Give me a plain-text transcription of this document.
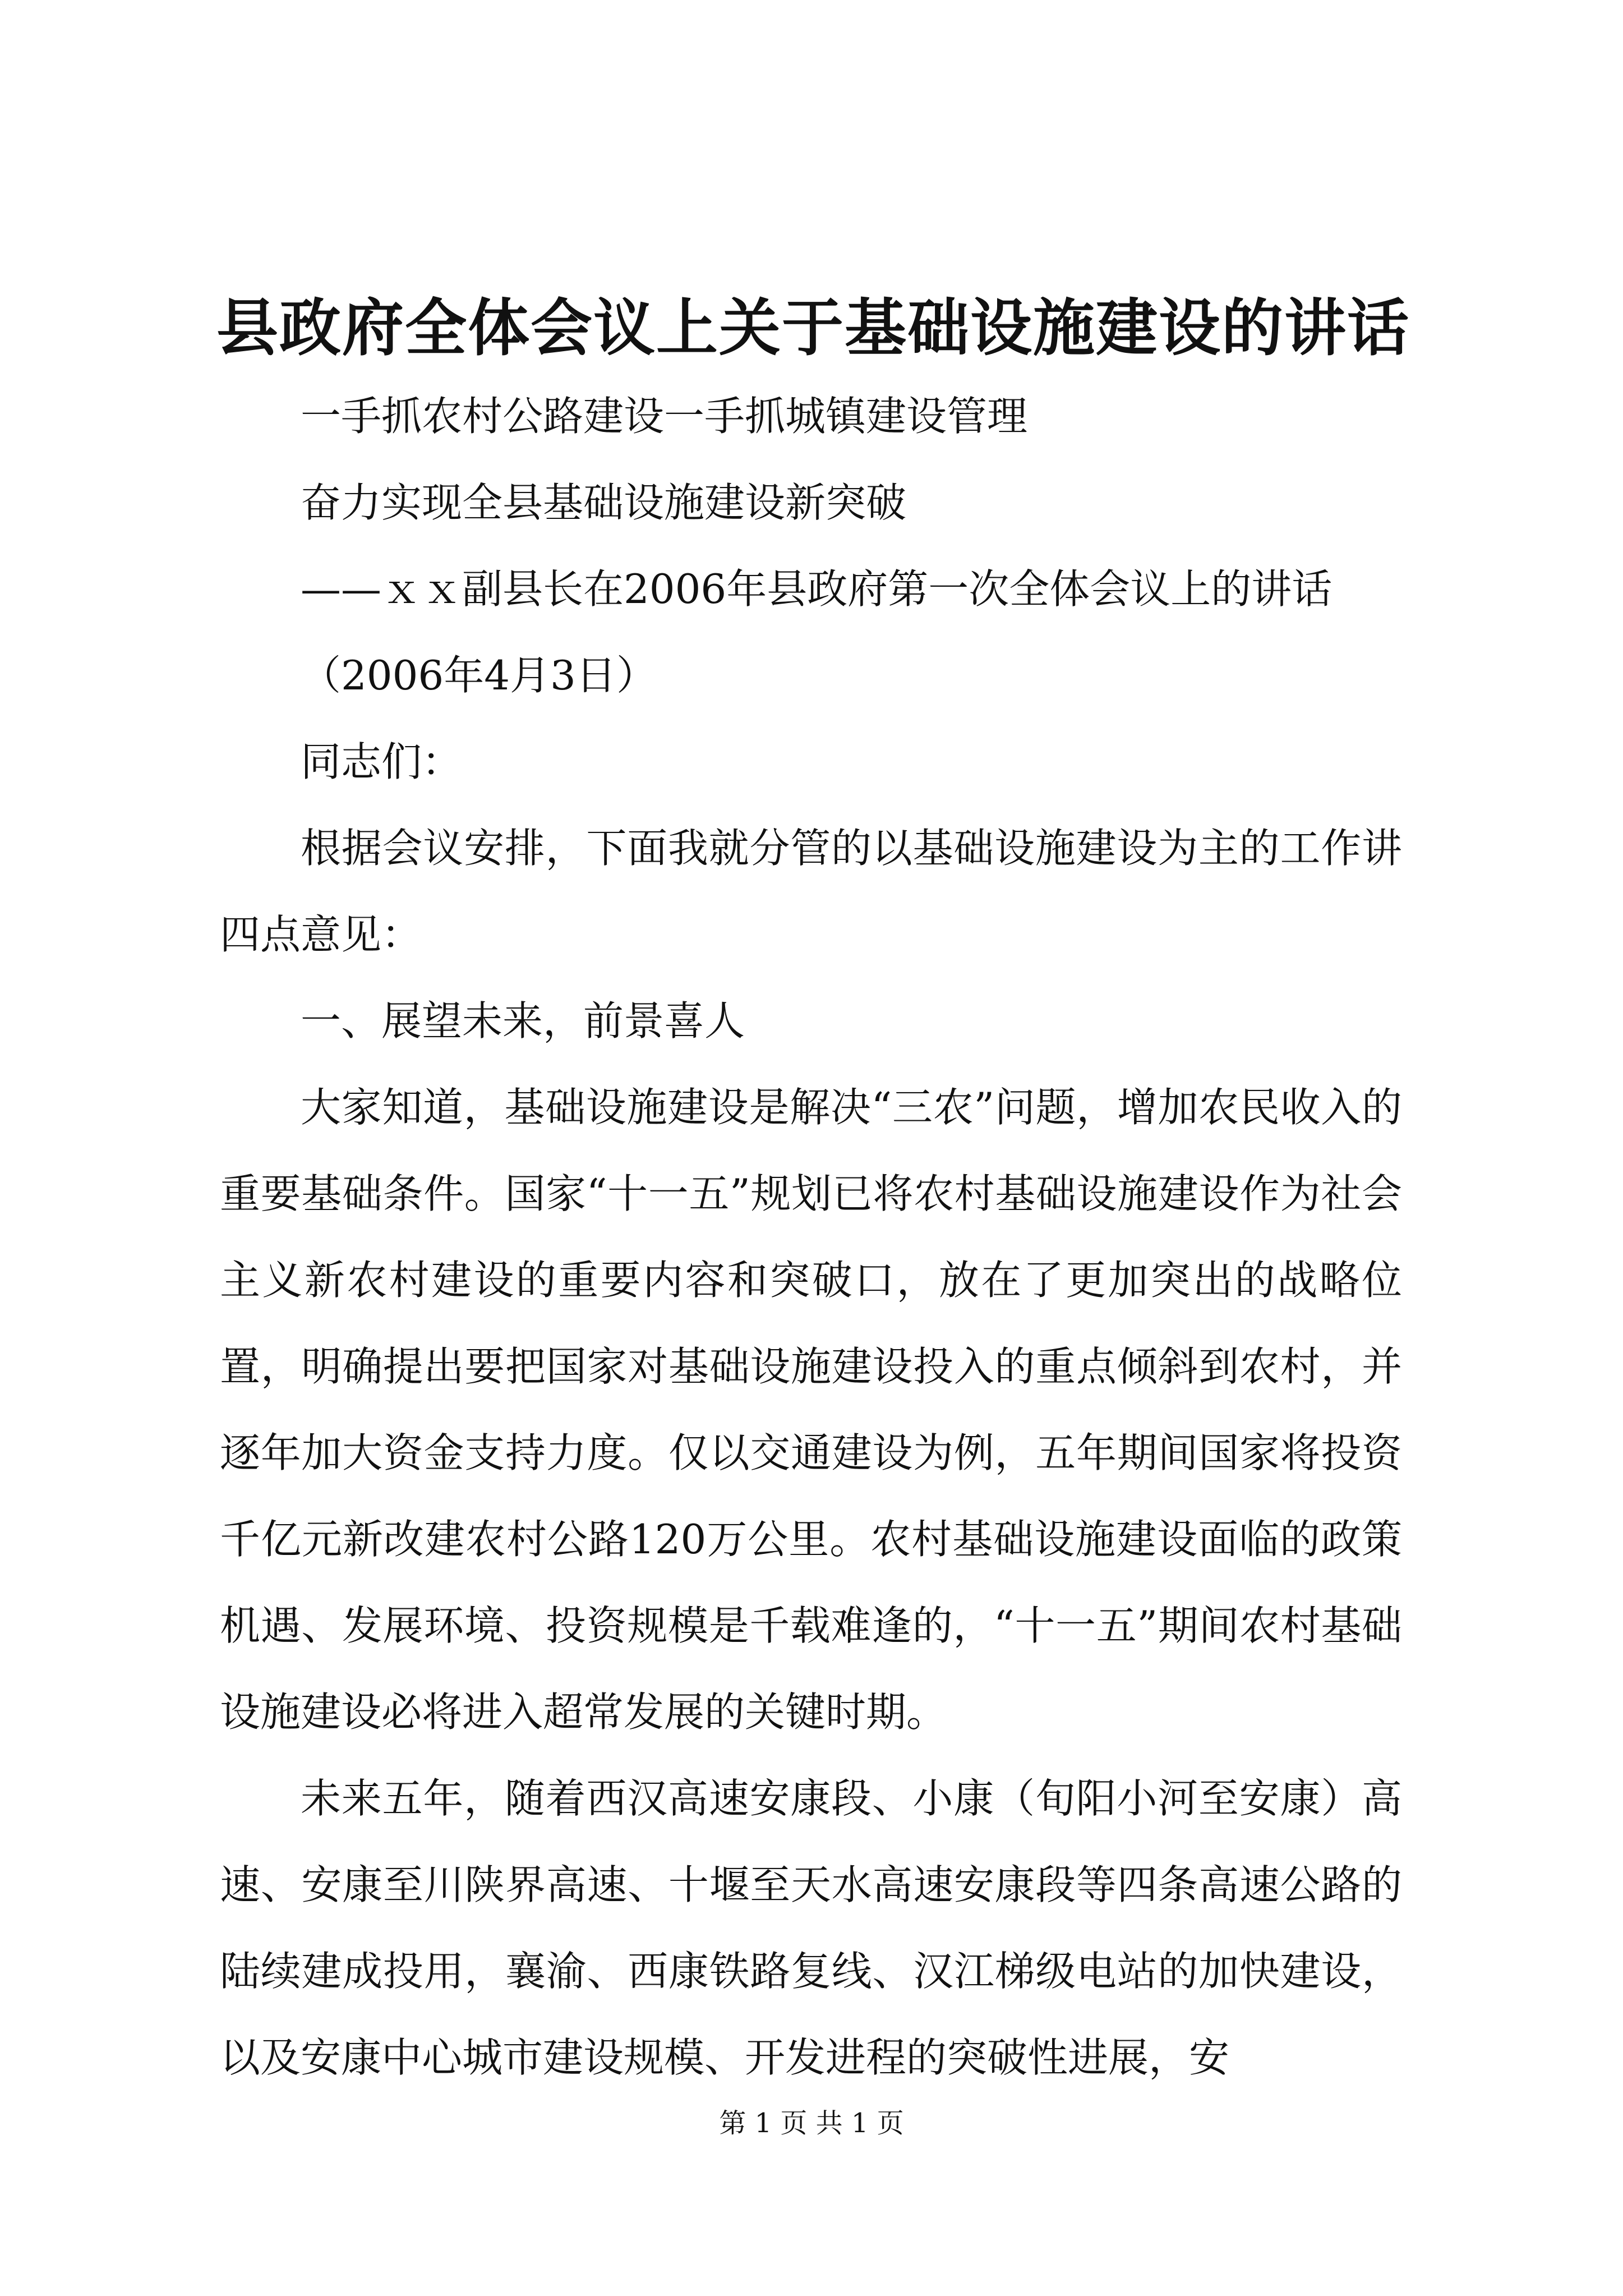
县政府全体会议上关于基础设施建设的讲话

一手抓农村公路建设一手抓城镇建设管理

奋力实现全县基础设施建设新突破

——ｘｘ副县长在2006年县政府第一次全体会议上的讲话

（2006年4月3日）

同志们：

根据会议安排，下面我就分管的以基础设施建设为主的工作讲四点意见：

一、展望未来，前景喜人

大家知道，基础设施建设是解决“三农”问题，增加农民收入的重要基础条件。国家“十一五”规划已将农村基础设施建设作为社会主义新农村建设的重要内容和突破口，放在了更加突出的战略位置，明确提出要把国家对基础设施建设投入的重点倾斜到农村，并逐年加大资金支持力度。仅以交通建设为例，五年期间国家将投资千亿元新改建农村公路120万公里。农村基础设施建设面临的政策机遇、发展环境、投资规模是千载难逢的，“十一五”期间农村基础设施建设必将进入超常发展的关键时期。

未来五年，随着西汉高速安康段、小康（旬阳小河至安康）高速、安康至川陕界高速、十堰至天水高速安康段等四条高速公路的陆续建成投用，襄渝、西康铁路复线、汉江梯级电站的加快建设，以及安康中心城市建设规模、开发进程的突破性进展，安

第 1 页 共 1 页
